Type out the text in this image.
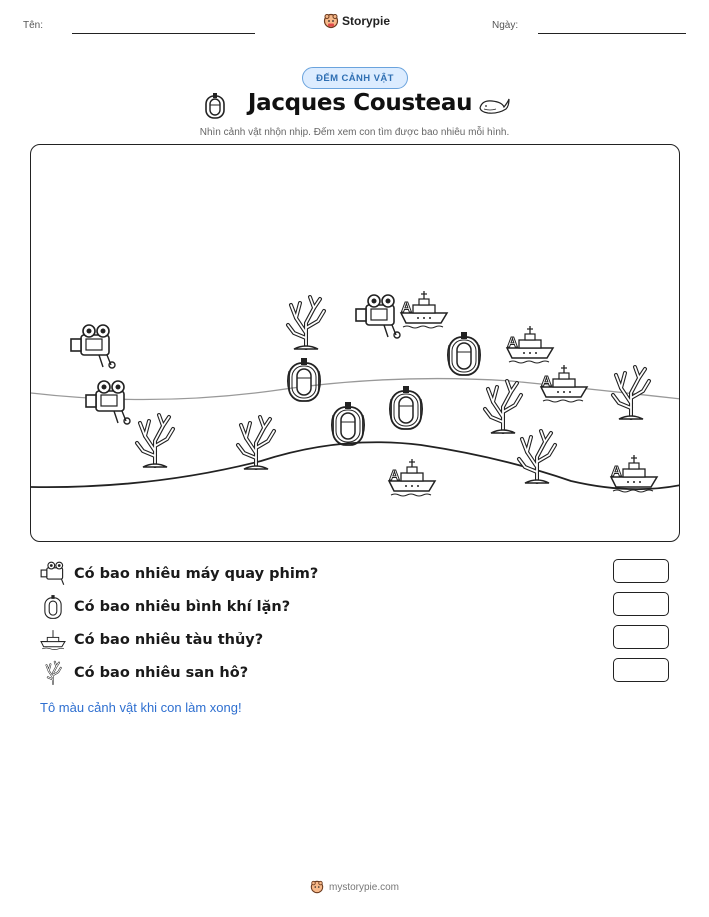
Tên:	Storypie	Ngày:
ĐẾM CẢNH VẬT
Jacques Cousteau
Nhìn cảnh vật nhộn nhịp. Đếm xem con tìm được bao nhiêu mỗi hình.
A
Có bao nhiêu máy quay phim?
Có bao nhiêu bình khí lặn?
Có bao nhiêu tàu thủy?
Có bao nhiêu san hô?
Tô màu cảnh vật khi con làm xong!
mystorypie.com
